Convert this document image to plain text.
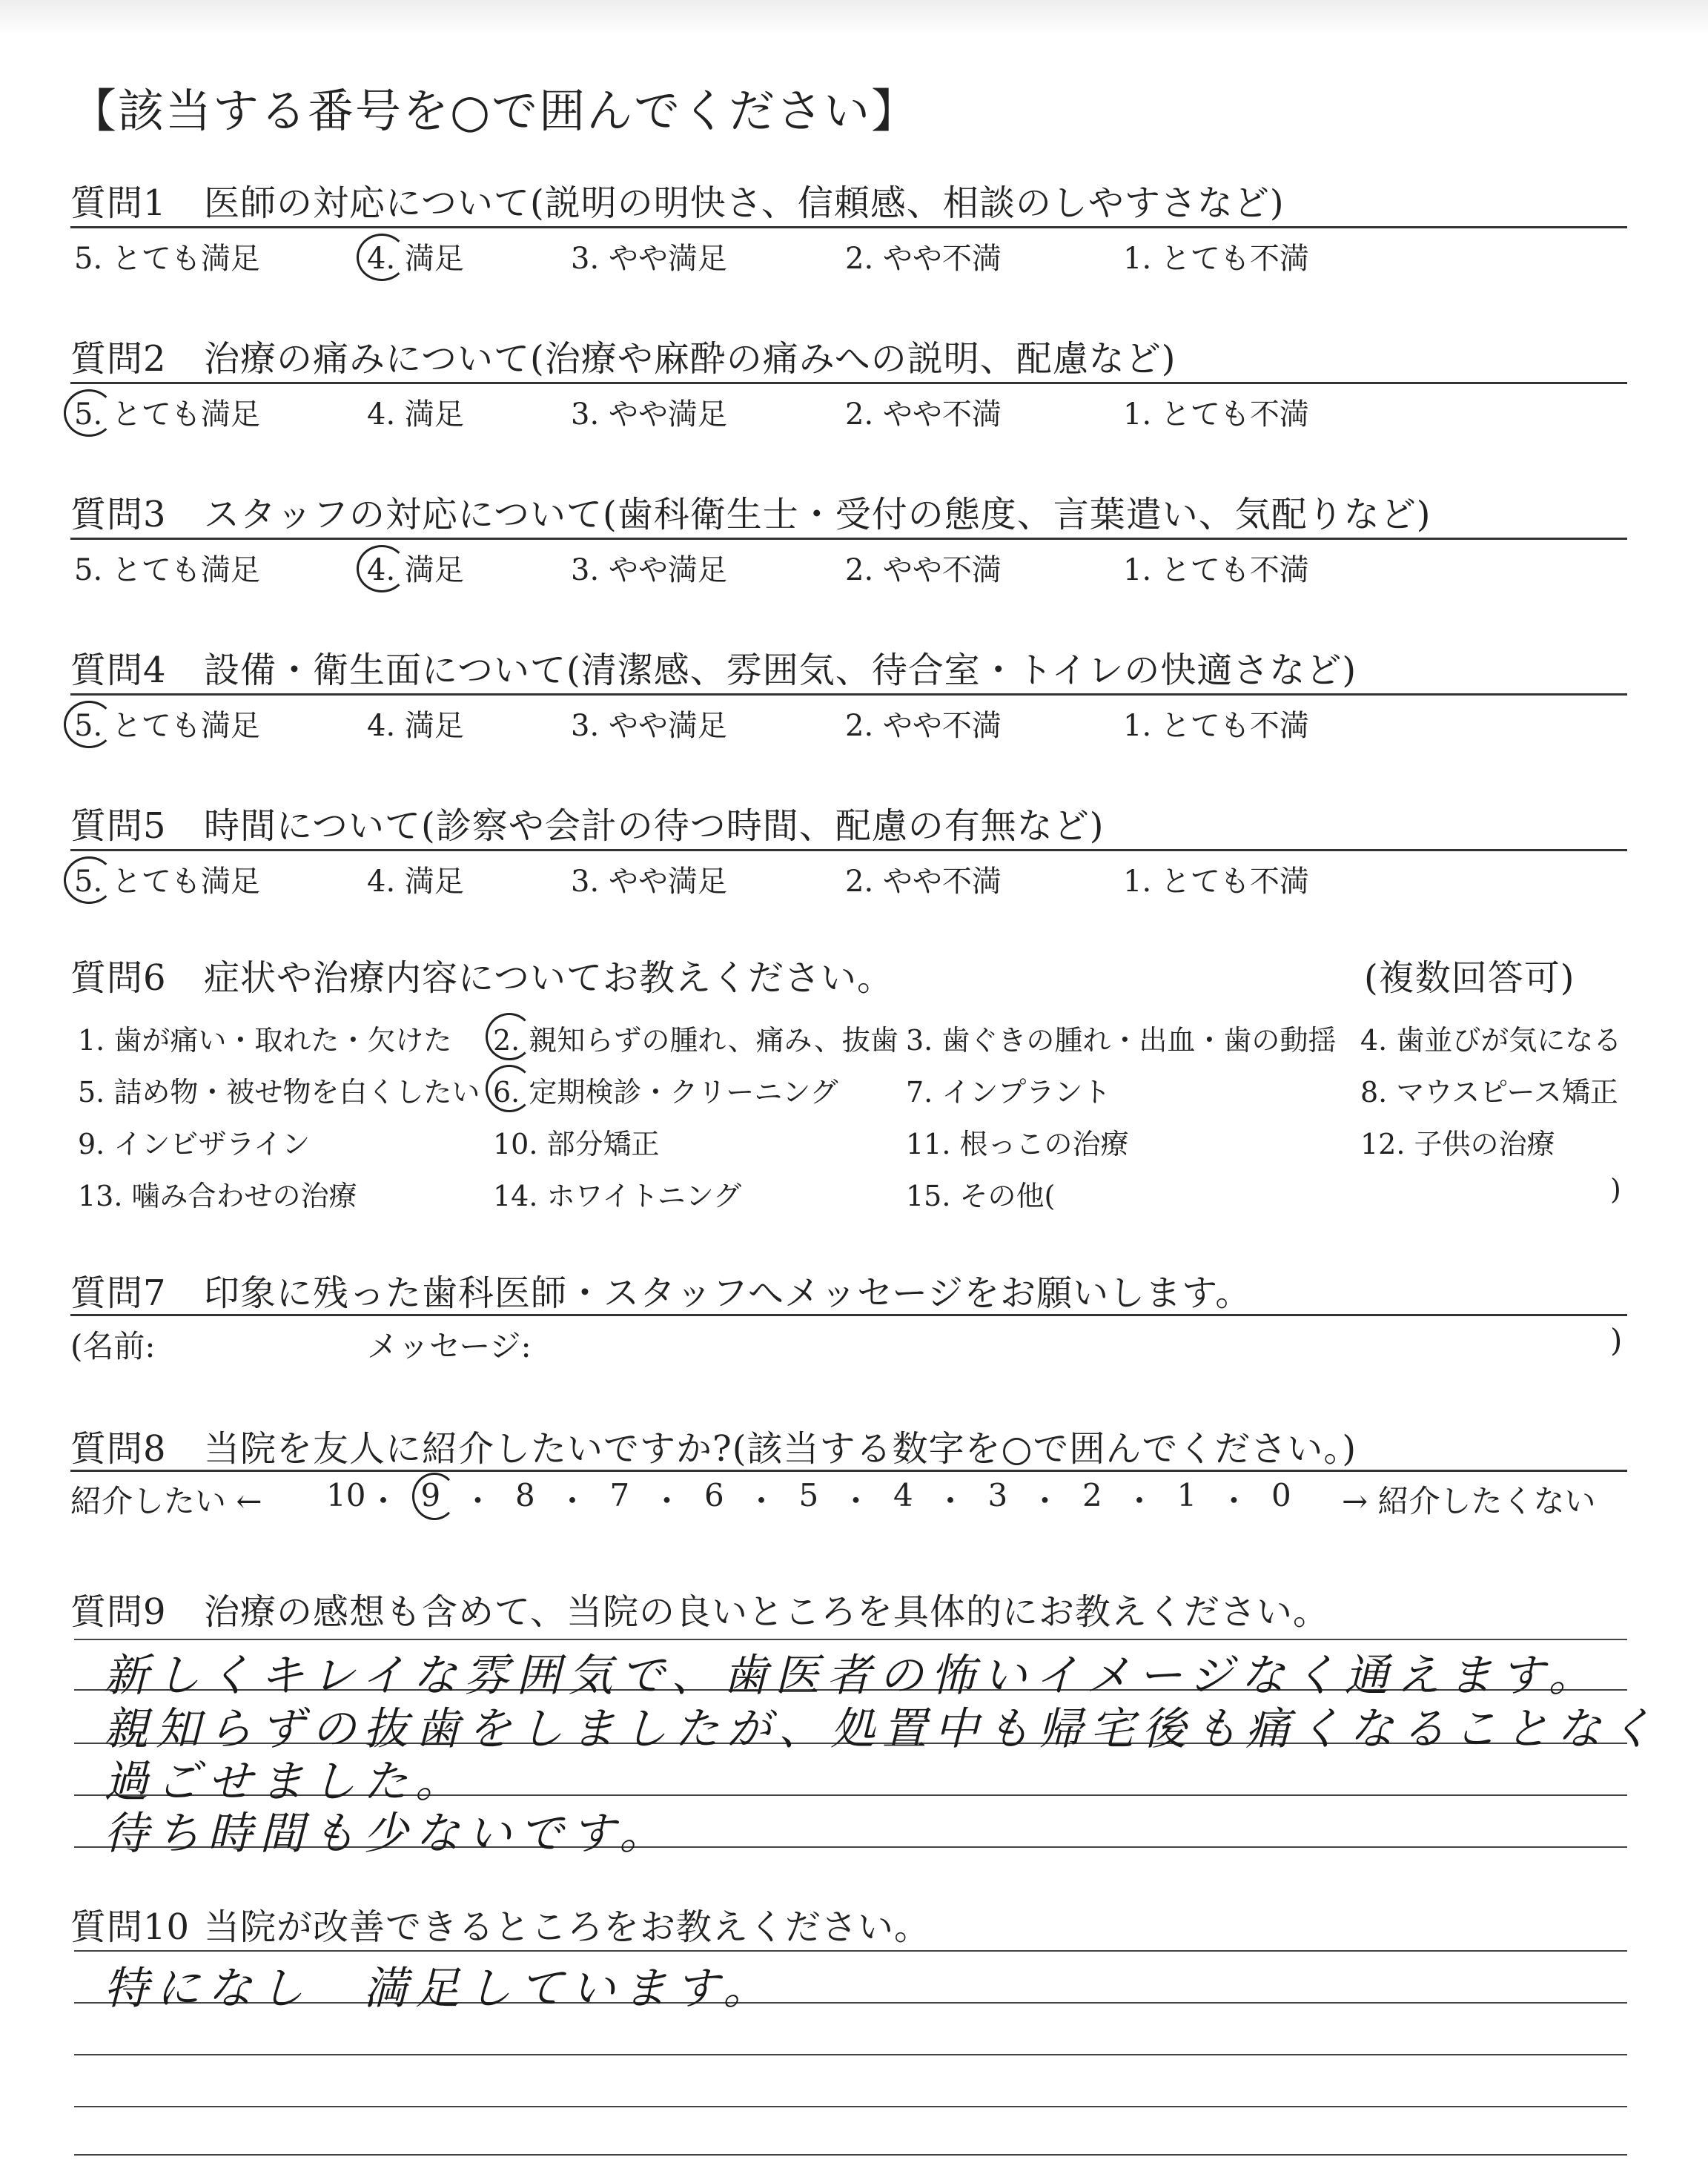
【該当する番号を○で囲んでください】
質問1 医師の対応について(説明の明快さ、信頼感、相談のしやすさなど)
5. とても満足	4. 満足	3. やや満足	2. やや不満	1. とても不満
質問2 治療の痛みについて(治療や麻酔の痛みへの説明、配慮など)
5. とても満足	4. 満足	3. やや満足	2. やや不満	1. とても不満
質問3 スタッフの対応について(歯科衛生士・受付の態度、言葉遣い、気配りなど)
5. とても満足	4. 満足	3. やや満足	2. やや不満	1. とても不満
質問4 設備・衛生面について(清潔感、雰囲気、待合室・トイレの快適さなど)
5. とても満足	4. 満足	3. やや満足	2. やや不満	1. とても不満
質問5 時間について(診察や会計の待つ時間、配慮の有無など)
5. とても満足	4. 満足	3. やや満足	2. やや不満	1. とても不満
質問6 症状や治療内容についてお教えください。	(複数回答可)
1. 歯が痛い・取れた・欠けた 2. 親知らずの腫れ、痛み、抜歯 3. 歯ぐきの腫れ・出血・歯の動揺 4. 歯並びが気になる
5. 詰め物・被せ物を白くしたい 6. 定期検診・クリーニング 7. インプラント	8. マウスピース矯正
9. インビザライン	10. 部分矯正	11. 根っこの治療	12. 子供の治療
13. 噛み合わせの治療	14. ホワイトニング	15. その他(	)
質問7 印象に残った歯科医師・スタッフへメッセージをお願いします。
(名前:	メッセージ:	)
質問8 当院を友人に紹介したいですか?(該当する数字を○で囲んでください。)
紹介したい ←	→ 紹介したくない
10 ・ 9 ・ 8 ・ 7 ・ 6 ・ 5 ・ 4 ・ 3 ・ 2 ・ 1 ・ 0
質問9 治療の感想も含めて、当院の良いところを具体的にお教えください。
新しくキレイな雰囲気で、歯医者の怖いイメージなく通えます。
親知らずの抜歯をしましたが、処置中も帰宅後も痛くなることなく
過ごせました。
待ち時間も少ないです。
質問10 当院が改善できるところをお教えください。
特になし　満足しています。
